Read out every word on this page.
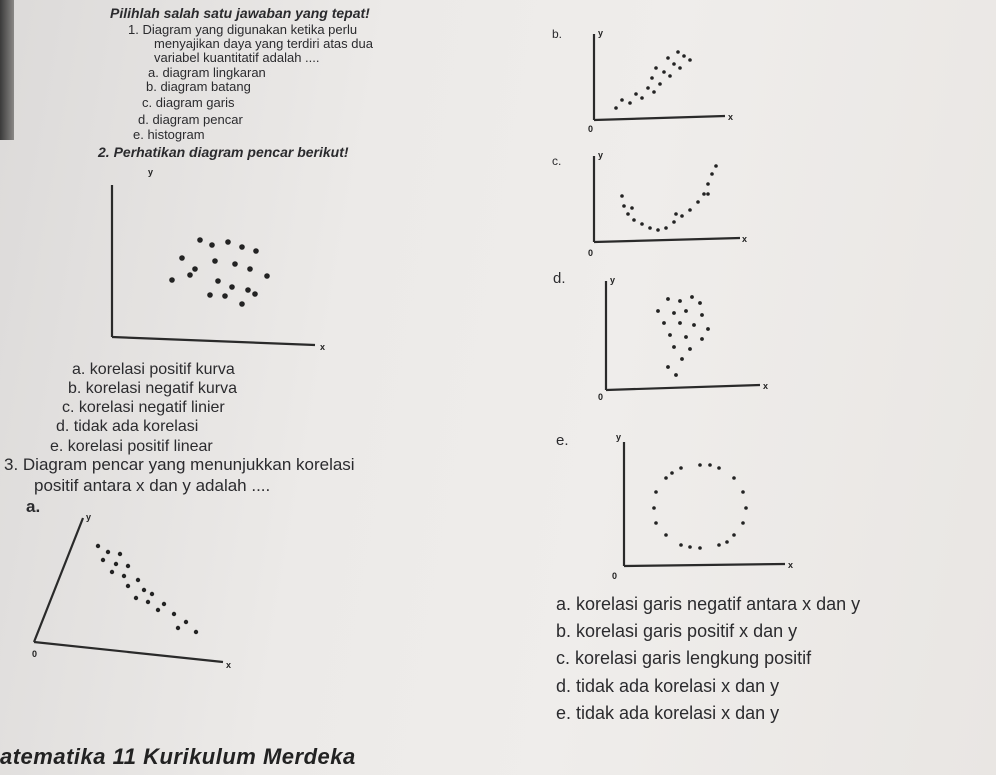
Pilihlah salah satu jawaban yang tepat!
1. Diagram yang digunakan ketika perlu
menyajikan daya yang terdiri atas dua
variabel kuantitatif adalah ....
a. diagram lingkaran
b. diagram batang
c. diagram garis
d. diagram pencar
e. histogram
2. Perhatikan diagram pencar berikut!
a. korelasi positif kurva
b. korelasi negatif kurva
c. korelasi negatif linier
d. tidak ada korelasi
e. korelasi positif linear
3. Diagram pencar yang menunjukkan korelasi
positif antara x dan y adalah ....
a.
b.
c.
d.
e.
a. korelasi garis negatif antara x dan y
b. korelasi garis positif x dan y
c. korelasi garis lengkung positif
d. tidak ada korelasi x dan y
e. tidak ada korelasi x dan y
atematika 11 Kurikulum Merdeka
y
x
y
x
0
y
x
0
y
x
0
y
x
0
y
x
0
